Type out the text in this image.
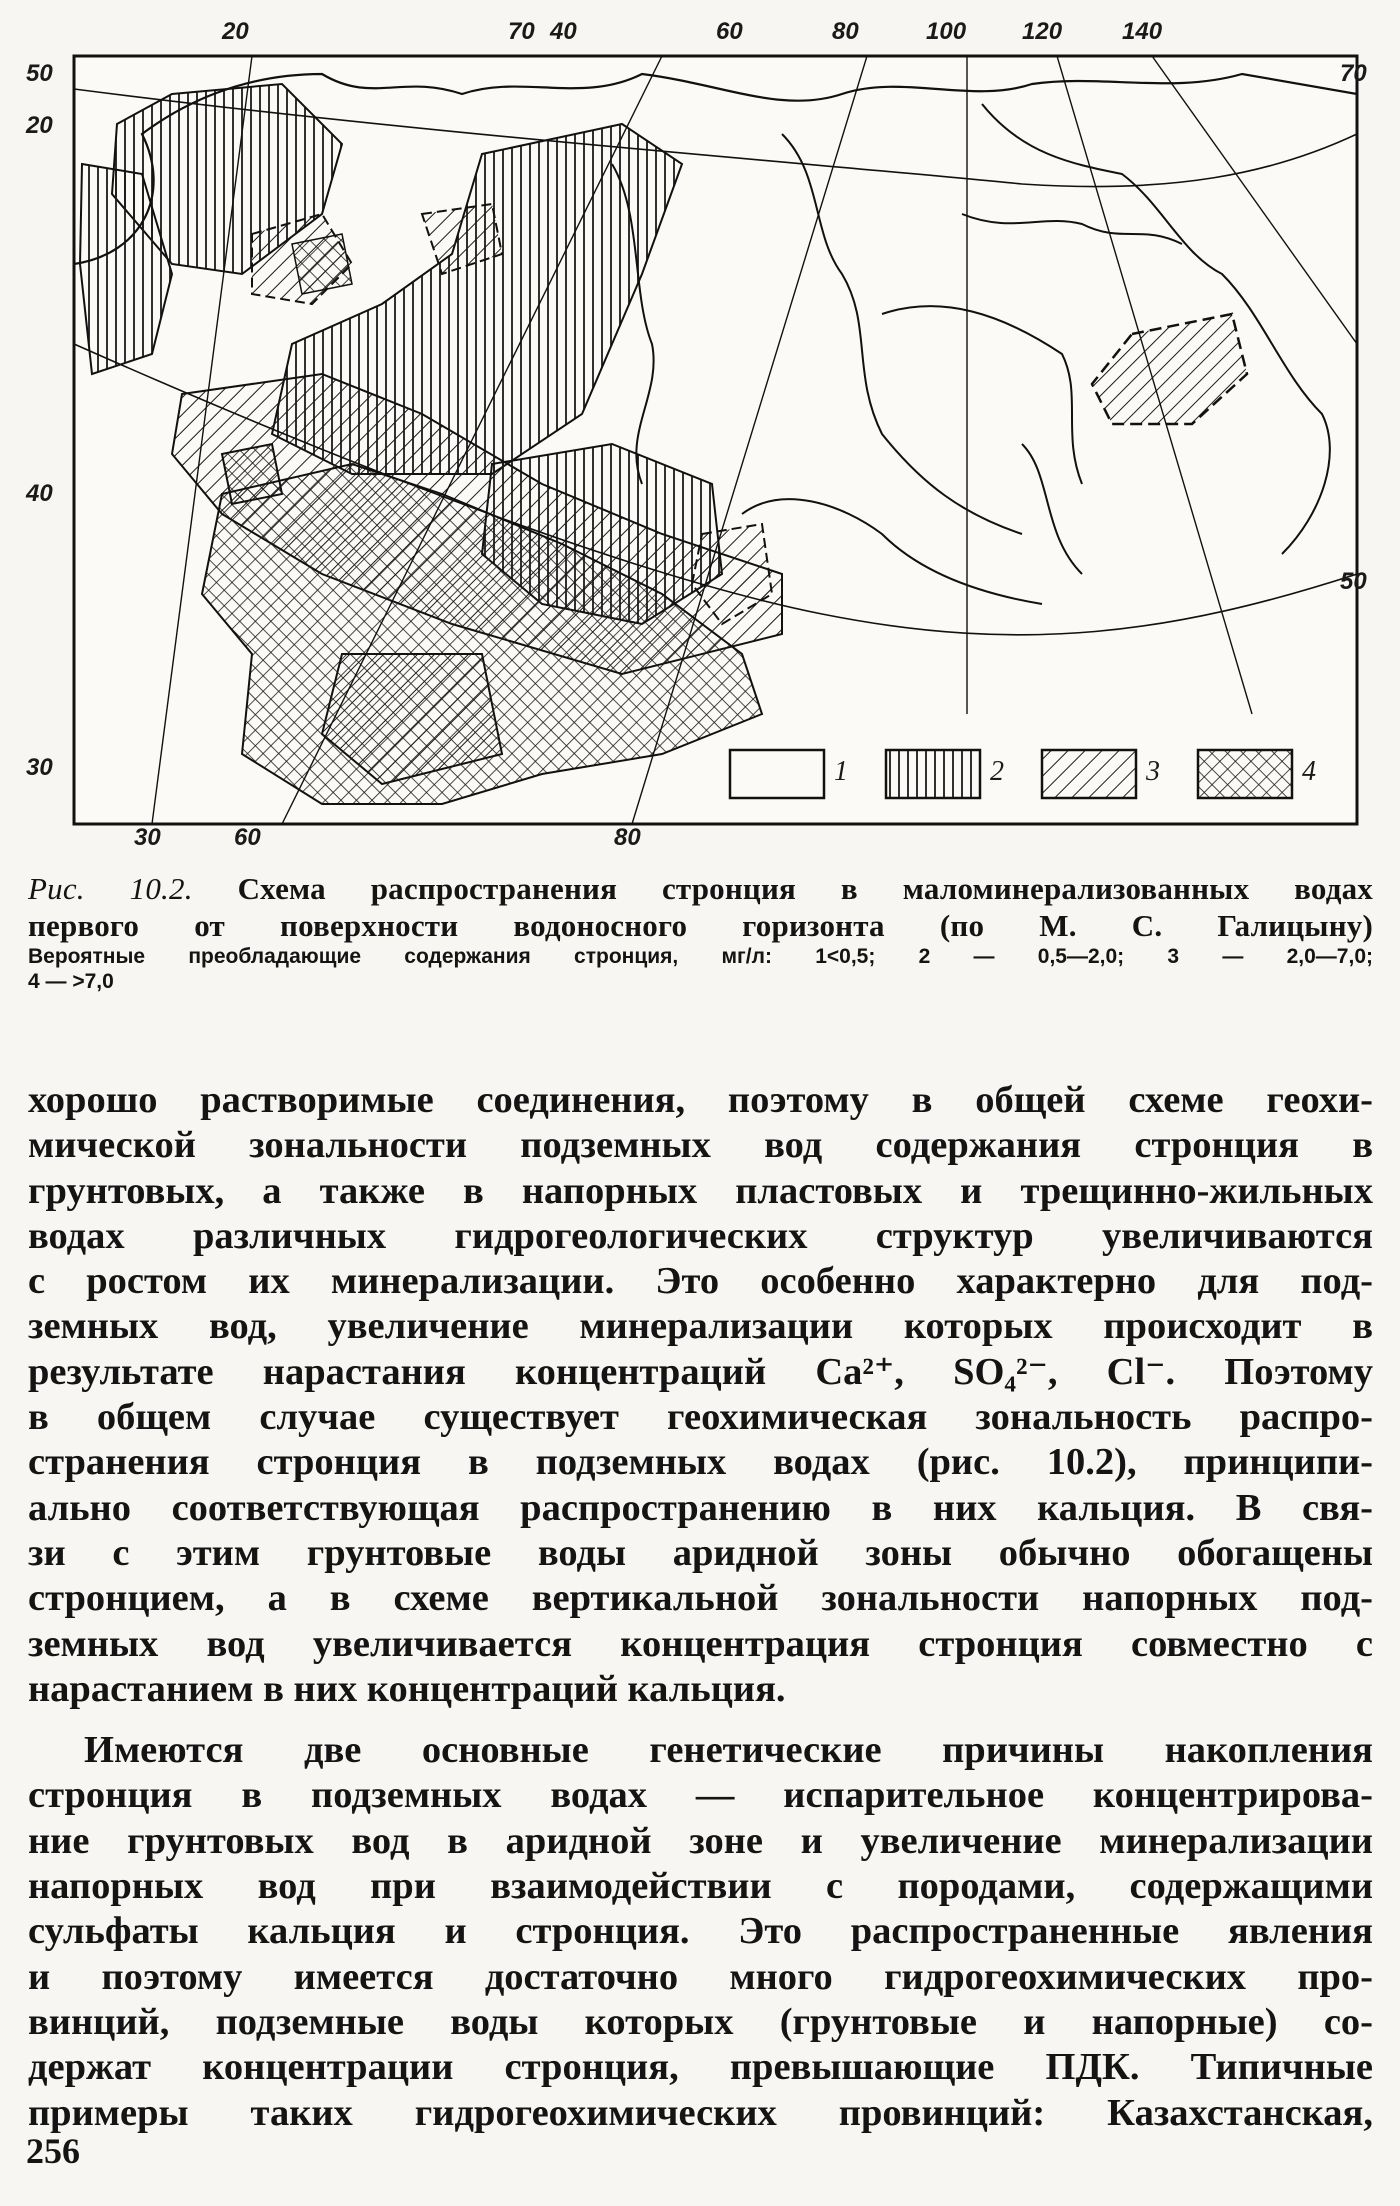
1	2	3	4
20	70 40	60	80	100 120 140
50
20
40
30
70
50
30	60	80
Рис. 10.2. Схема распространения стронция в маломинерализованных водах
первого от поверхности водоносного горизонта (по М. С. Галицыну)
Вероятные преобладающие содержания стронция, мг/л: 1<0,5; 2 — 0,5—2,0; 3 — 2,0—7,0;
4 — >7,0
хорошо растворимые соединения, поэтому в общей схеме геохи-
мической зональности подземных вод содержания стронция в
грунтовых, а также в напорных пластовых и трещинно-жильных
водах различных гидрогеологических структур увеличиваются
с ростом их минерализации. Это особенно характерно для под-
земных вод, увеличение минерализации которых происходит в
результате нарастания концентраций Ca²⁺, SO₄²⁻, Cl⁻. Поэтому
в общем случае существует геохимическая зональность распро-
странения стронция в подземных водах (рис. 10.2), принципи-
ально соответствующая распространению в них кальция. В свя-
зи с этим грунтовые воды аридной зоны обычно обогащены
стронцием, а в схеме вертикальной зональности напорных под-
земных вод увеличивается концентрация стронция совместно с
нарастанием в них концентраций кальция.
Имеются две основные генетические причины накопления
стронция в подземных водах — испарительное концентрирова-
ние грунтовых вод в аридной зоне и увеличение минерализации
напорных вод при взаимодействии с породами, содержащими
сульфаты кальция и стронция. Это распространенные явления
и поэтому имеется достаточно много гидрогеохимических про-
винций, подземные воды которых (грунтовые и напорные) со-
держат концентрации стронция, превышающие ПДК. Типичные
примеры таких гидрогеохимических провинций: Казахстанская,
256
